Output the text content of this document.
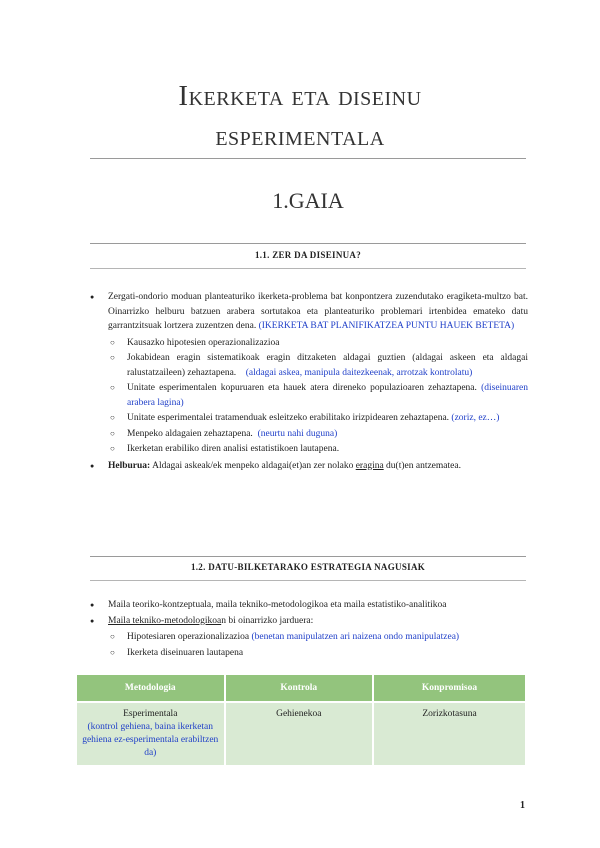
Ikerketa eta diseinu
esperimentala
1.GAIA
1.1. ZER DA DISEINUA?
● Zergati-ondorio moduan planteaturiko ikerketa-problema bat konpontzera zuzendutako eragiketa-multzo bat. Oinarrizko helburu batzuen arabera sortutakoa eta planteaturiko problemari irtenbidea emateko datu garrantzitsuak lortzera zuzentzen dena. (IKERKETA BAT PLANIFIKATZEA PUNTU HAUEK BETETA)
○ Kausazko hipotesien operazionalizazioa
○ Jokabidean eragin sistematikoak eragin ditzaketen aldagai guztien (aldagai askeen eta aldagai ralustatzaileen) zehaztapena. (aldagai askea, manipula daitezkeenak, arrotzak kontrolatu)
○ Unitate esperimentalen kopuruaren eta hauek atera direneko populazioaren zehaztapena. (diseinuaren arabera lagina)
○ Unitate esperimentalei tratamenduak esleitzeko erabilitako irizpidearen zehaztapena. (zoriz, ez…)
○ Menpeko aldagaien zehaztapena. (neurtu nahi duguna)
○ Ikerketan erabiliko diren analisi estatistikoen lautapena.
● Helburua: Aldagai askeak/ek menpeko aldagai(et)an zer nolako eragina du(t)en antzematea.
1.2. DATU-BILKETARAKO ESTRATEGIA NAGUSIAK
● Maila teoriko-kontzeptuala, maila tekniko-metodologikoa eta maila estatistiko-analitikoa
● Maila tekniko-metodologikoan bi oinarrizko jarduera:
○ Hipotesiaren operazionalizazioa (benetan manipulatzen ari naizena ondo manipulatzea)
○ Ikerketa diseinuaren lautapena
Metodologia	Kontrola	Konpromisoa

Esperimentala
(kontrol gehiena, baina ikerketan gehiena ez-esperimentala erabiltzen da)	Gehienekoa	Zorizkotasuna
1
